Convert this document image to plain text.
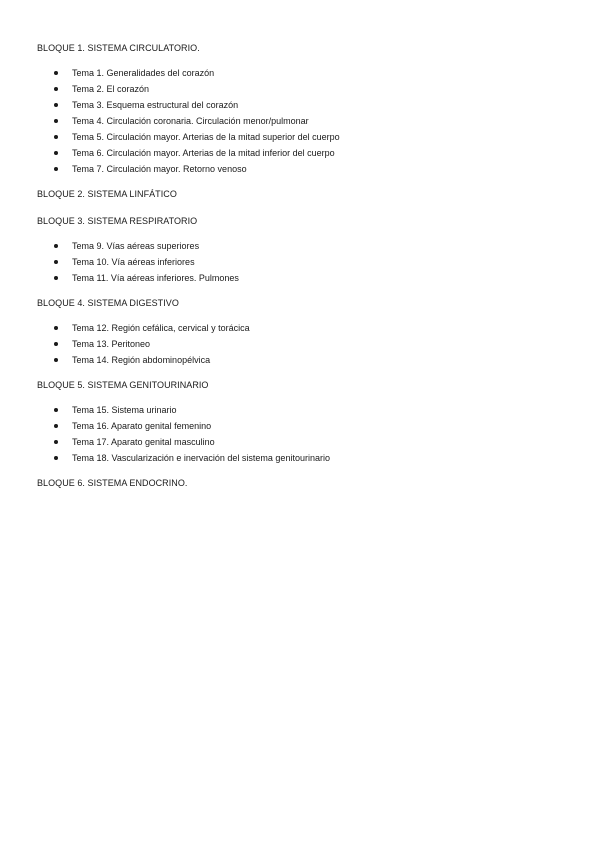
BLOQUE 1. SISTEMA CIRCULATORIO.

Tema 1. Generalidades del corazón
Tema 2. El corazón
Tema 3. Esquema estructural del corazón
Tema 4. Circulación coronaria. Circulación menor/pulmonar
Tema 5. Circulación mayor. Arterias de la mitad superior del cuerpo
Tema 6. Circulación mayor. Arterias de la mitad inferior del cuerpo
Tema 7. Circulación mayor. Retorno venoso

BLOQUE 2. SISTEMA LINFÁTICO

BLOQUE 3. SISTEMA RESPIRATORIO

Tema 9. Vías aéreas superiores
Tema 10. Vía aéreas inferiores
Tema 11. Vía aéreas inferiores. Pulmones

BLOQUE 4. SISTEMA DIGESTIVO

Tema 12. Región cefálica, cervical y torácica
Tema 13. Peritoneo
Tema 14. Región abdominopélvica

BLOQUE 5. SISTEMA GENITOURINARIO

Tema 15. Sistema urinario
Tema 16. Aparato genital femenino
Tema 17. Aparato genital masculino
Tema 18. Vascularización e inervación del sistema genitourinario

BLOQUE 6. SISTEMA ENDOCRINO.
